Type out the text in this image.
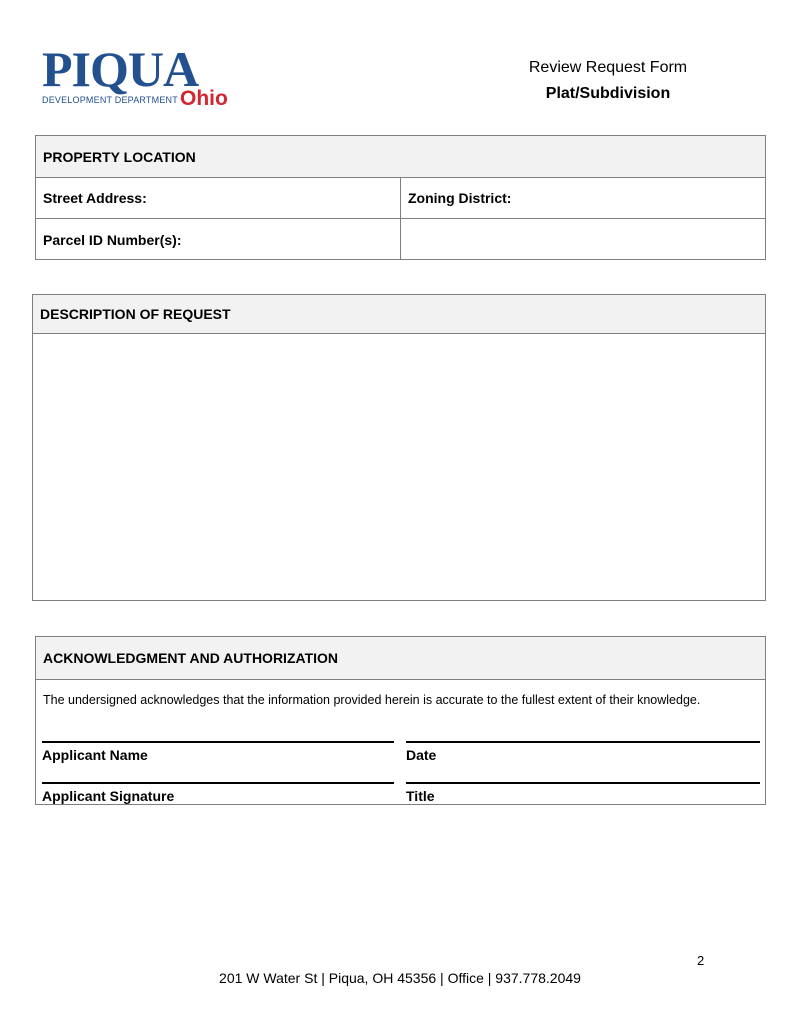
PIQUA
DEVELOPMENT DEPARTMENT Ohio
Review Request Form
Plat/Subdivision
PROPERTY LOCATION
Street Address:	Zoning District:
Parcel ID Number(s):
DESCRIPTION OF REQUEST
ACKNOWLEDGMENT AND AUTHORIZATION
The undersigned acknowledges that the information provided herein is accurate to the fullest extent of their knowledge.
Applicant Name	Date
Applicant Signature	Title
2
201 W Water St | Piqua, OH 45356 | Office | 937.778.2049
